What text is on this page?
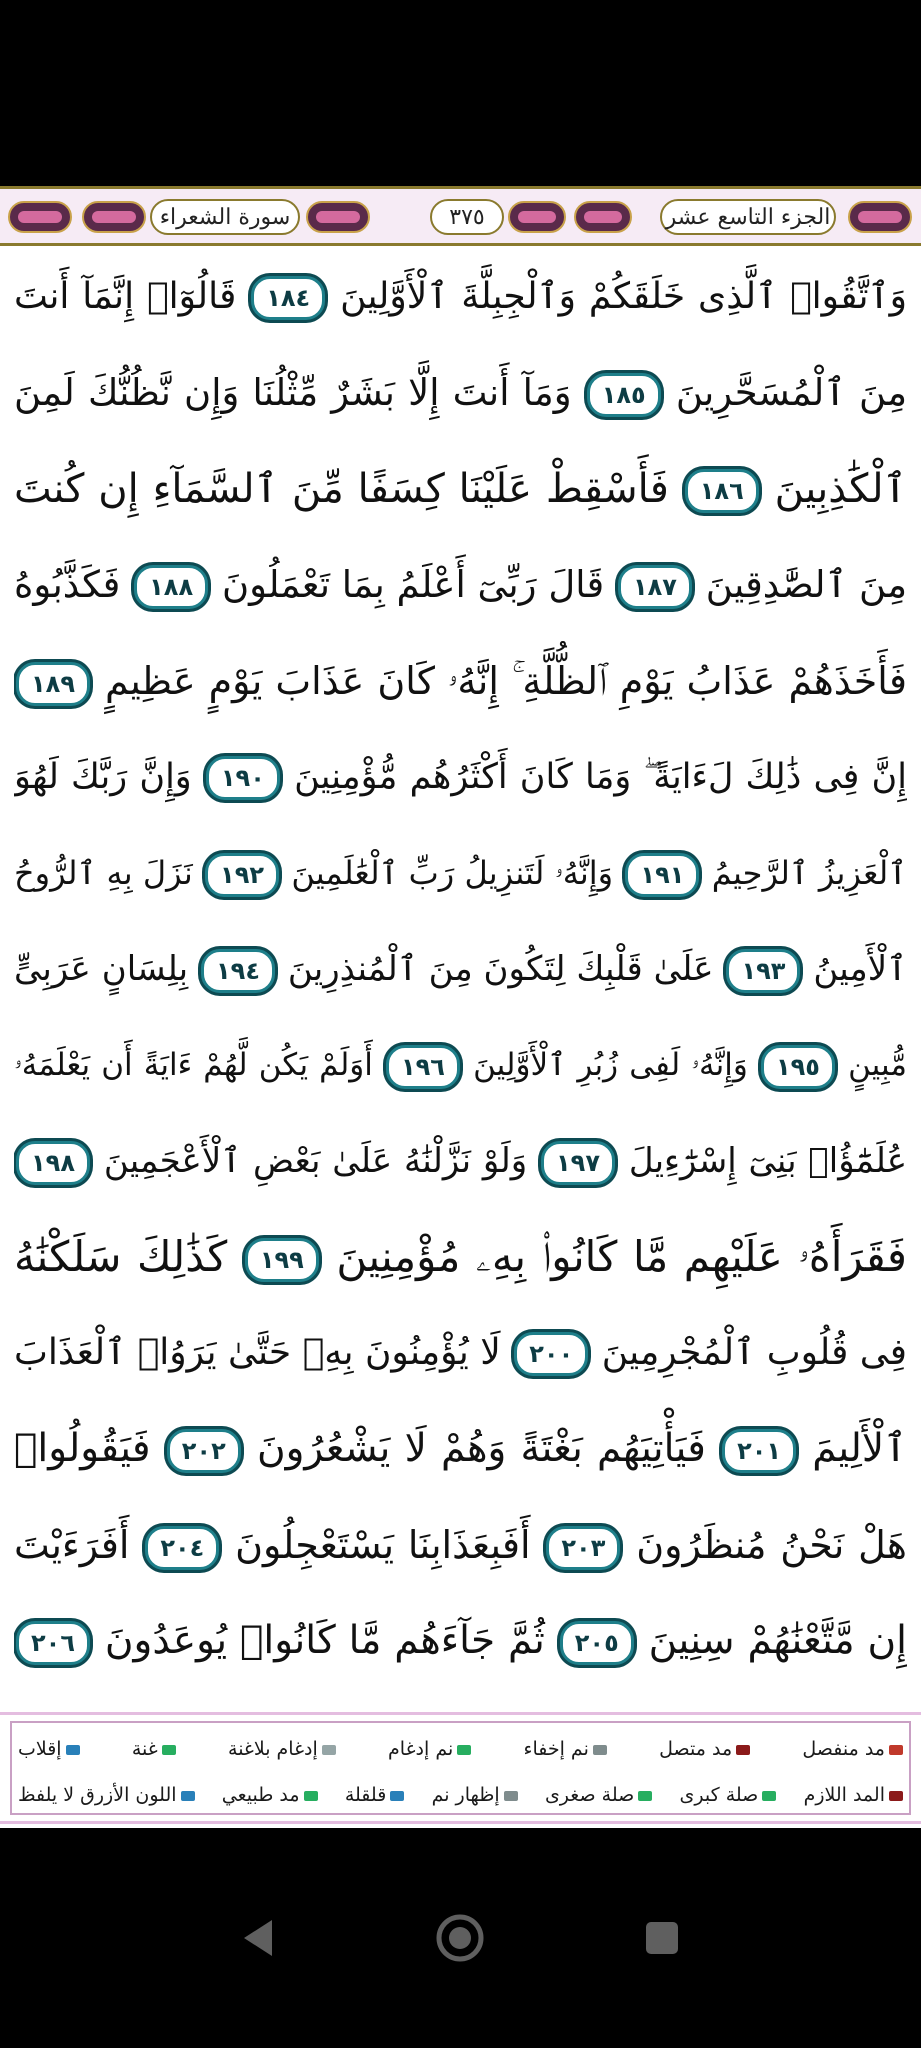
سورة الشعراء	٣٧٥	الجزء التاسع عشر
وَٱتَّقُوا۟ ٱلَّذِى خَلَقَكُمْ وَٱلْجِبِلَّةَ ٱلْأَوَّلِينَ ١٨٤ قَالُوٓا۟ إِنَّمَآ أَنتَ
مِنَ ٱلْمُسَحَّرِينَ ١٨٥ وَمَآ أَنتَ إِلَّا بَشَرٌ مِّثْلُنَا وَإِن نَّظُنُّكَ لَمِنَ
ٱلْكَٰذِبِينَ ١٨٦ فَأَسْقِطْ عَلَيْنَا كِسَفًا مِّنَ ٱلسَّمَآءِ إِن كُنتَ
مِنَ ٱلصَّٰدِقِينَ ١٨٧ قَالَ رَبِّىٓ أَعْلَمُ بِمَا تَعْمَلُونَ ١٨٨ فَكَذَّبُوهُ
فَأَخَذَهُمْ عَذَابُ يَوْمِ ٱلظُّلَّةِ ۚ إِنَّهُۥ كَانَ عَذَابَ يَوْمٍ عَظِيمٍ ١٨٩
إِنَّ فِى ذَٰلِكَ لَءَايَةً ۖ وَمَا كَانَ أَكْثَرُهُم مُّؤْمِنِينَ ١٩٠ وَإِنَّ رَبَّكَ لَهُوَ
ٱلْعَزِيزُ ٱلرَّحِيمُ ١٩١ وَإِنَّهُۥ لَتَنزِيلُ رَبِّ ٱلْعَٰلَمِينَ ١٩٢ نَزَلَ بِهِ ٱلرُّوحُ
ٱلْأَمِينُ ١٩٣ عَلَىٰ قَلْبِكَ لِتَكُونَ مِنَ ٱلْمُنذِرِينَ ١٩٤ بِلِسَانٍ عَرَبِىٍّ
مُّبِينٍ ١٩٥ وَإِنَّهُۥ لَفِى زُبُرِ ٱلْأَوَّلِينَ ١٩٦ أَوَلَمْ يَكُن لَّهُمْ ءَايَةً أَن يَعْلَمَهُۥ
عُلَمَٰٓؤُا۟ بَنِىٓ إِسْرَٰٓءِيلَ ١٩٧ وَلَوْ نَزَّلْنَٰهُ عَلَىٰ بَعْضِ ٱلْأَعْجَمِينَ ١٩٨
فَقَرَأَهُۥ عَلَيْهِم مَّا كَانُوا۟ بِهِۦ مُؤْمِنِينَ ١٩٩ كَذَٰلِكَ سَلَكْنَٰهُ
فِى قُلُوبِ ٱلْمُجْرِمِينَ ٢٠٠ لَا يُؤْمِنُونَ بِهِۦ حَتَّىٰ يَرَوُا۟ ٱلْعَذَابَ
ٱلْأَلِيمَ ٢٠١ فَيَأْتِيَهُم بَغْتَةً وَهُمْ لَا يَشْعُرُونَ ٢٠٢ فَيَقُولُوا۟
هَلْ نَحْنُ مُنظَرُونَ ٢٠٣ أَفَبِعَذَابِنَا يَسْتَعْجِلُونَ ٢٠٤ أَفَرَءَيْتَ
إِن مَّتَّعْنَٰهُمْ سِنِينَ ٢٠٥ ثُمَّ جَآءَهُم مَّا كَانُوا۟ يُوعَدُونَ ٢٠٦
مد منفصل
مد متصل
نم إخفاء
نم إدغام
إدغام بلاغنة
غنة
إقلاب
المد اللازم
صلة كبرى
صلة صغرى
إظهار نم
قلقلة
مد طبيعي
اللون الأزرق لا يلفظ
